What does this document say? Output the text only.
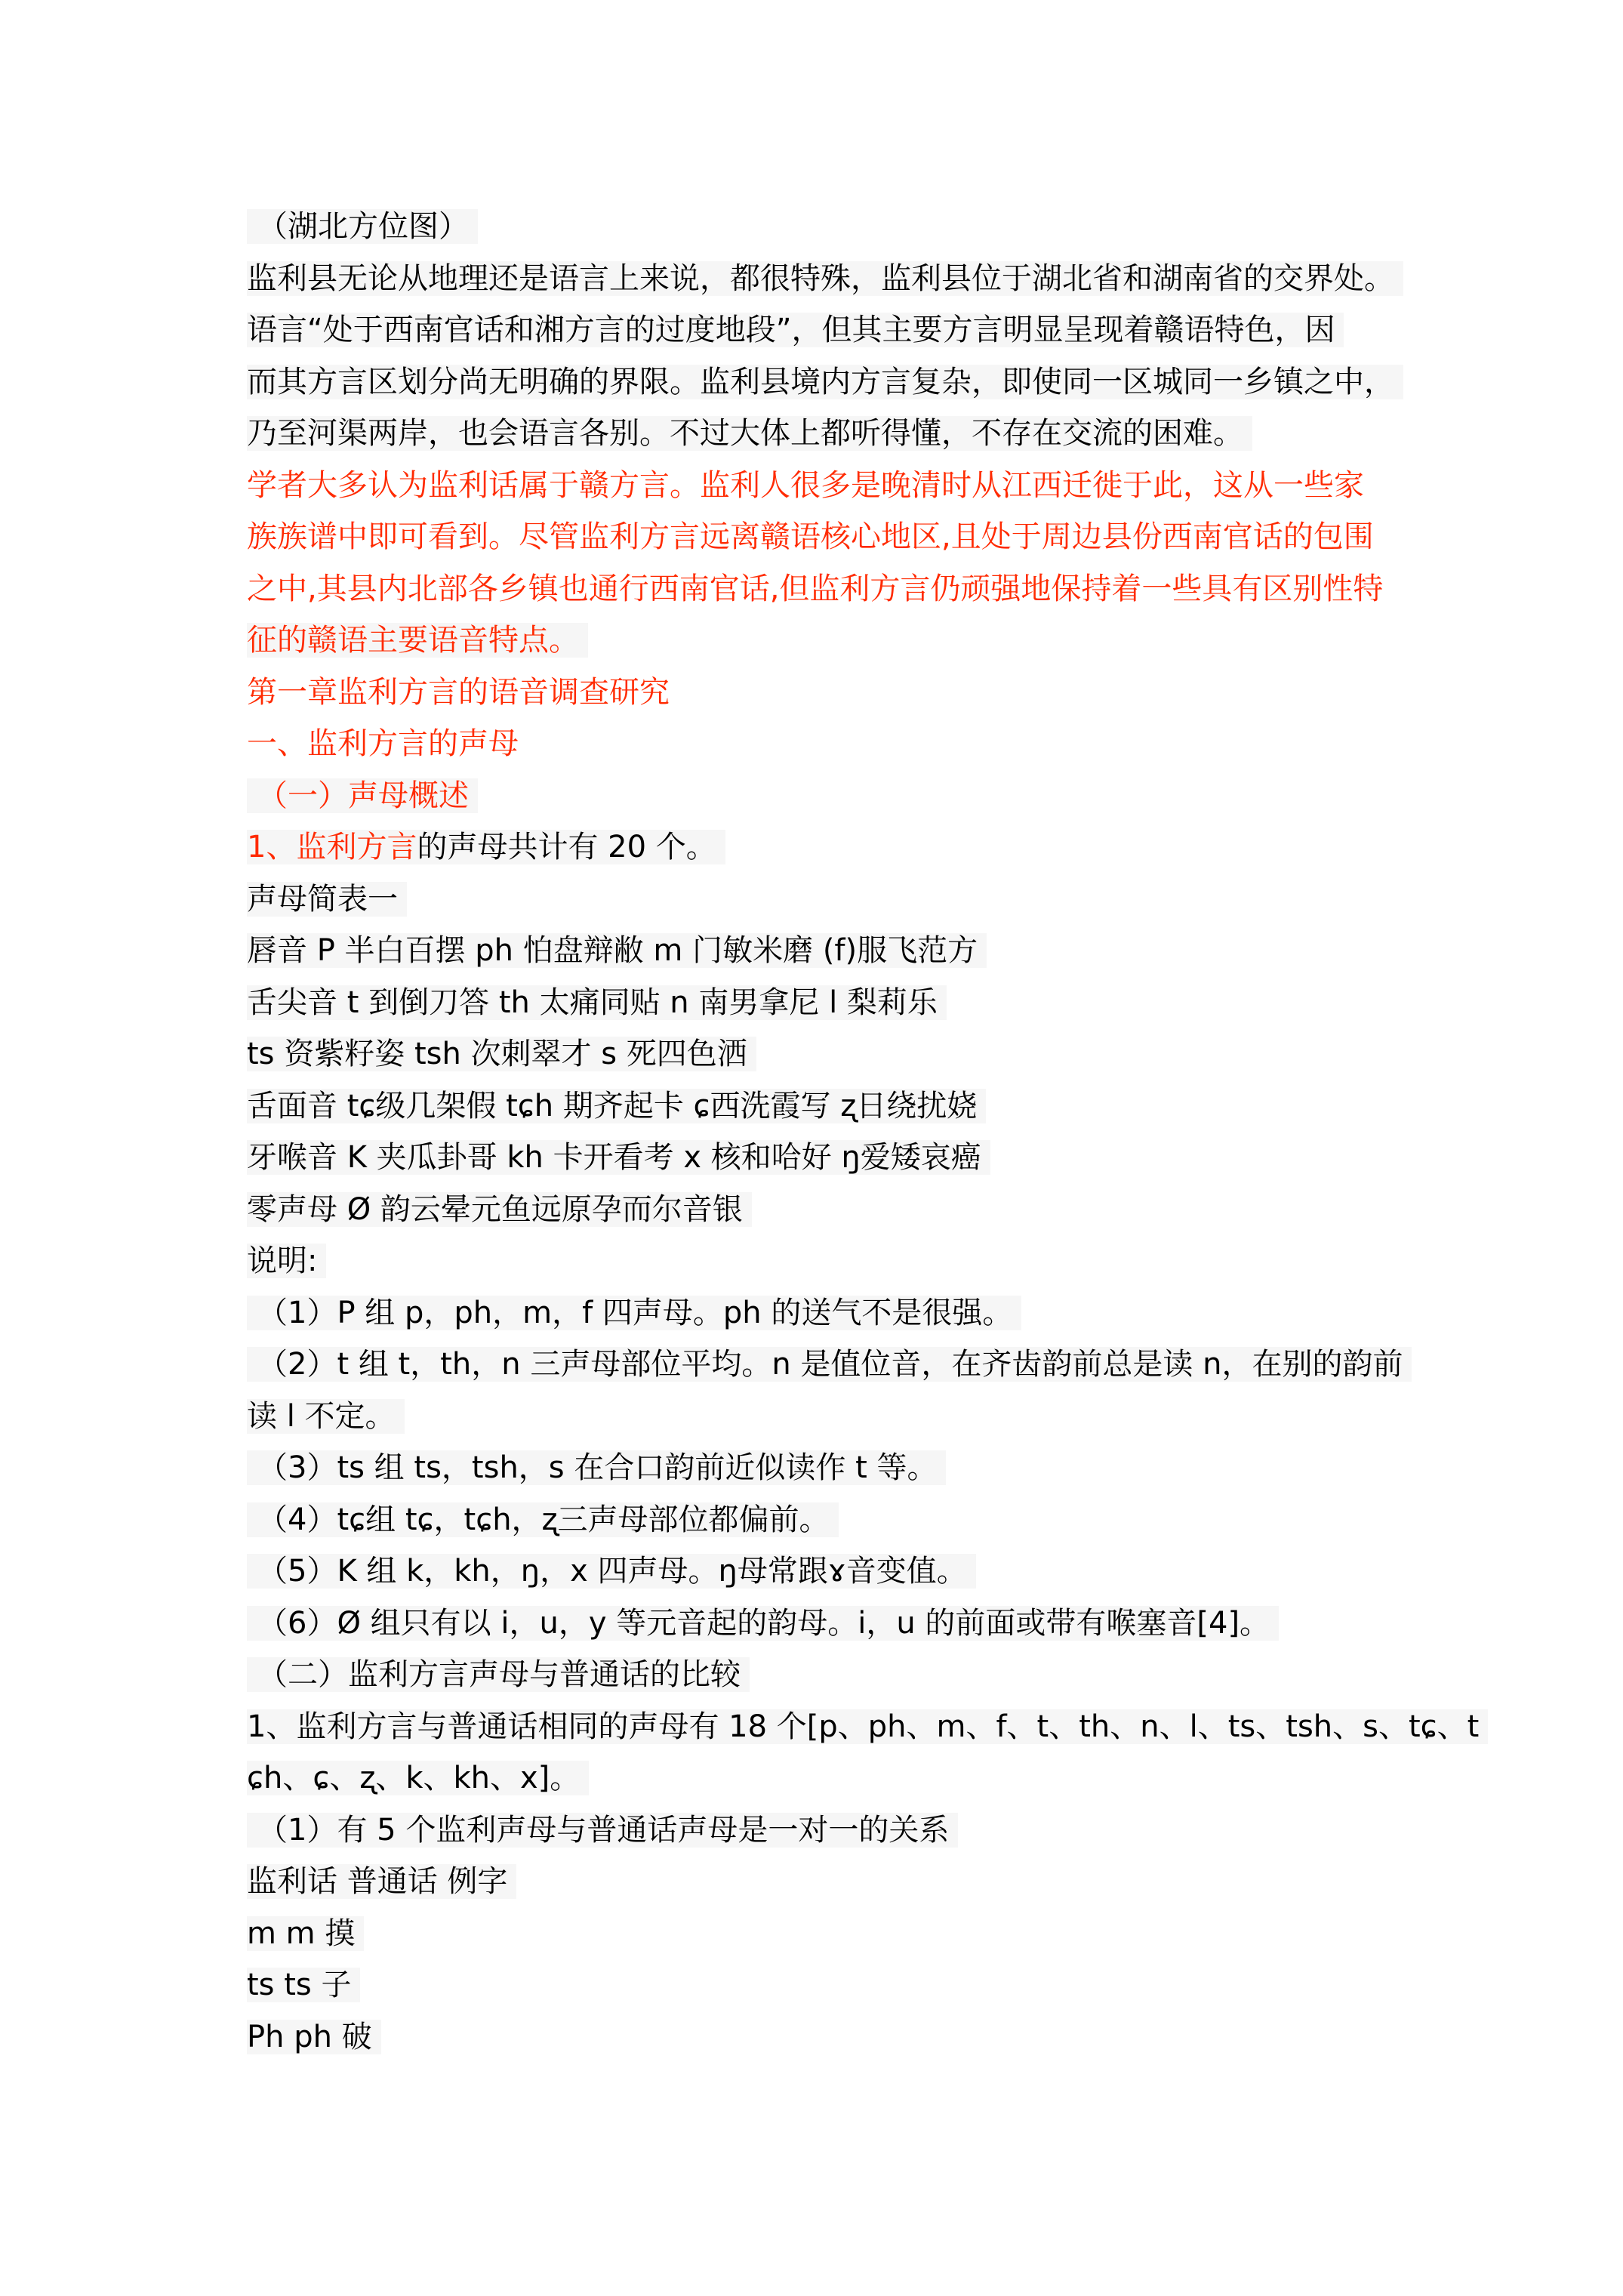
（湖北方位图）
监利县无论从地理还是语言上来说，都很特殊，监利县位于湖北省和湖南省的交界处。
语言“处于西南官话和湘方言的过度地段”，但其主要方言明显呈现着赣语特色，因
而其方言区划分尚无明确的界限。监利县境内方言复杂，即使同一区城同一乡镇之中，
乃至河渠两岸，也会语言各别。不过大体上都听得懂，不存在交流的困难。
学者大多认为监利话属于赣方言。监利人很多是晚清时从江西迁徙于此，这从一些家
族族谱中即可看到。尽管监利方言远离赣语核心地区,且处于周边县份西南官话的包围
之中,其县内北部各乡镇也通行西南官话,但监利方言仍顽强地保持着一些具有区别性特
征的赣语主要语音特点。
第一章监利方言的语音调查研究
一、监利方言的声母
（一）声母概述
1、监利方言的声母共计有 20 个。
声母简表一
唇音 P 半白百摆 ph 怕盘辩敝 m 门敏米磨 (f)服飞范方
舌尖音 t 到倒刀答 th 太痛同贴 n 南男拿尼 l 梨莉乐
ts 资紫籽姿 tsh 次刺翠才 s 死四色洒
舌面音 tɕ级几架假 tɕh 期齐起卡 ɕ西洗霞写 ʐ日绕扰娆
牙喉音 K 夹瓜卦哥 kh 卡开看考 x 核和哈好 ŋ爱矮哀癌
零声母 Ø 韵云晕元鱼远原孕而尔音银
说明:
（1）P 组 p，ph，m，f 四声母。ph 的送气不是很强。
（2）t 组 t，th，n 三声母部位平均。n 是值位音，在齐齿韵前总是读 n，在别的韵前
读 l 不定。
（3）ts 组 ts，tsh，s 在合口韵前近似读作 t 等。
（4）tɕ组 tɕ，tɕh，ʐ三声母部位都偏前。
（5）K 组 k，kh，ŋ，x 四声母。ŋ母常跟ɤ音变值。
（6）Ø 组只有以 i，u，y 等元音起的韵母。i，u 的前面或带有喉塞音[4]。
（二）监利方言声母与普通话的比较
1、监利方言与普通话相同的声母有 18 个[p、ph、m、f、t、th、n、l、ts、tsh、s、tɕ、t
ɕh、ɕ、ʐ、k、kh、x]。
（1）有 5 个监利声母与普通话声母是一对一的关系
监利话 普通话 例字
m m 摸
ts ts 子
Ph ph 破
